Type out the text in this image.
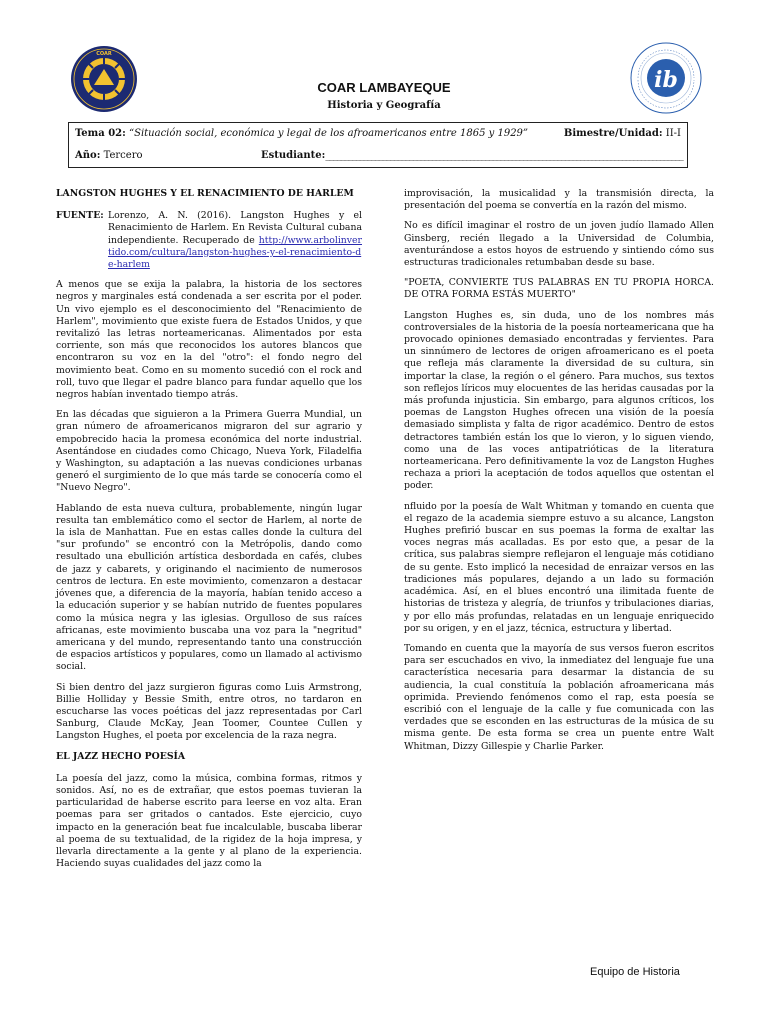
COAR
ib
COAR LAMBAYEQUE
Historia y Geografía
Tema 02: “Situación social, económica y legal de los afroamericanos entre 1865 y 1929”	Bimestre/Unidad: II-I
Año: Tercero	Estudiante:______________________________________________________________________________________________
LANGSTON HUGHES Y EL RENACIMIENTO DE HARLEM
FUENTE: Lorenzo, A. N. (2016). Langston Hughes y el Renacimiento de Harlem. En Revista Cultural cubana independiente. Recuperado de http://www.arbolinvertido.com/cultura/langston-hughes-y-el-renacimiento-de-harlem

A menos que se exija la palabra, la historia de los sectores negros y marginales está condenada a ser escrita por el poder. Un vivo ejemplo es el desconocimiento del "Renacimiento de Harlem", movimiento que existe fuera de Estados Unidos, y que revitalizó las letras norteamericanas. Alimentados por esta corriente, son más que reconocidos los autores blancos que encontraron su voz en la del "otro": el fondo negro del movimiento beat. Como en su momento sucedió con el rock and roll, tuvo que llegar el padre blanco para fundar aquello que los negros habían inventado tiempo atrás.

En las décadas que siguieron a la Primera Guerra Mundial, un gran número de afroamericanos migraron del sur agrario y empobrecido hacia la promesa económica del norte industrial. Asentándose en ciudades como Chicago, Nueva York, Filadelfia y Washington, su adaptación a las nuevas condiciones urbanas generó el surgimiento de lo que más tarde se conocería como el "Nuevo Negro".

Hablando de esta nueva cultura, probablemente, ningún lugar resulta tan emblemático como el sector de Harlem, al norte de la isla de Manhattan. Fue en estas calles donde la cultura del "sur profundo" se encontró con la Metrópolis, dando como resultado una ebullición artística desbordada en cafés, clubes de jazz y cabarets, y originando el nacimiento de numerosos centros de lectura. En este movimiento, comenzaron a destacar jóvenes que, a diferencia de la mayoría, habían tenido acceso a la educación superior y se habían nutrido de fuentes populares como la música negra y las iglesias. Orgulloso de sus raíces africanas, este movimiento buscaba una voz para la "negritud" americana y del mundo, representando tanto una construcción de espacios artísticos y populares, como un llamado al activismo social.

Si bien dentro del jazz surgieron figuras como Luis Armstrong, Billie Holliday y Bessie Smith, entre otros, no tardaron en escucharse las voces poéticas del jazz representadas por Carl Sanburg, Claude McKay, Jean Toomer, Countee Cullen y Langston Hughes, el poeta por excelencia de la raza negra.

EL JAZZ HECHO POESÍA

La poesía del jazz, como la música, combina formas, ritmos y sonidos. Así, no es de extrañar, que estos poemas tuvieran la particularidad de haberse escrito para leerse en voz alta. Eran poemas para ser gritados o cantados. Este ejercicio, cuyo impacto en la generación beat fue incalculable, buscaba liberar al poema de su textualidad, de la rigidez de la hoja impresa, y llevarla directamente a la gente y al plano de la experiencia. Haciendo suyas cualidades del jazz como la

improvisación, la musicalidad y la transmisión directa, la presentación del poema se convertía en la razón del mismo.

No es difícil imaginar el rostro de un joven judío llamado Allen Ginsberg, recién llegado a la Universidad de Columbia, aventurándose a estos hoyos de estruendo y sintiendo cómo sus estructuras tradicionales retumbaban desde su base.

"POETA, CONVIERTE TUS PALABRAS EN TU PROPIA HORCA. DE OTRA FORMA ESTÁS MUERTO"

Langston Hughes es, sin duda, uno de los nombres más controversiales de la historia de la poesía norteamericana que ha provocado opiniones demasiado encontradas y fervientes. Para un sinnúmero de lectores de origen afroamericano es el poeta que refleja más claramente la diversidad de su cultura, sin importar la clase, la región o el género. Para muchos, sus textos son reflejos líricos muy elocuentes de las heridas causadas por la más profunda injusticia. Sin embargo, para algunos críticos, los poemas de Langston Hughes ofrecen una visión de la poesía demasiado simplista y falta de rigor académico. Dentro de estos detractores también están los que lo vieron, y lo siguen viendo, como una de las voces antipatrióticas de la literatura norteamericana. Pero definitivamente la voz de Langston Hughes rechaza a priori la aceptación de todos aquellos que ostentan el poder.

nfluido por la poesía de Walt Whitman y tomando en cuenta que el regazo de la academia siempre estuvo a su alcance, Langston Hughes prefirió buscar en sus poemas la forma de exaltar las voces negras más acalladas. Es por esto que, a pesar de la crítica, sus palabras siempre reflejaron el lenguaje más cotidiano de su gente. Esto implicó la necesidad de enraizar versos en las tradiciones más populares, dejando a un lado su formación académica. Así, en el blues encontró una ilimitada fuente de historias de tristeza y alegría, de triunfos y tribulaciones diarias, y por ello más profundas, relatadas en un lenguaje enriquecido por su origen, y en el jazz, técnica, estructura y libertad.

Tomando en cuenta que la mayoría de sus versos fueron escritos para ser escuchados en vivo, la inmediatez del lenguaje fue una característica necesaria para desarmar la distancia de su audiencia, la cual constituía la población afroamericana más oprimida. Previendo fenómenos como el rap, esta poesía se escribió con el lenguaje de la calle y fue comunicada con las verdades que se esconden en las estructuras de la música de su misma gente. De esta forma se crea un puente entre Walt Whitman, Dizzy Gillespie y Charlie Parker.

Equipo de Historia
